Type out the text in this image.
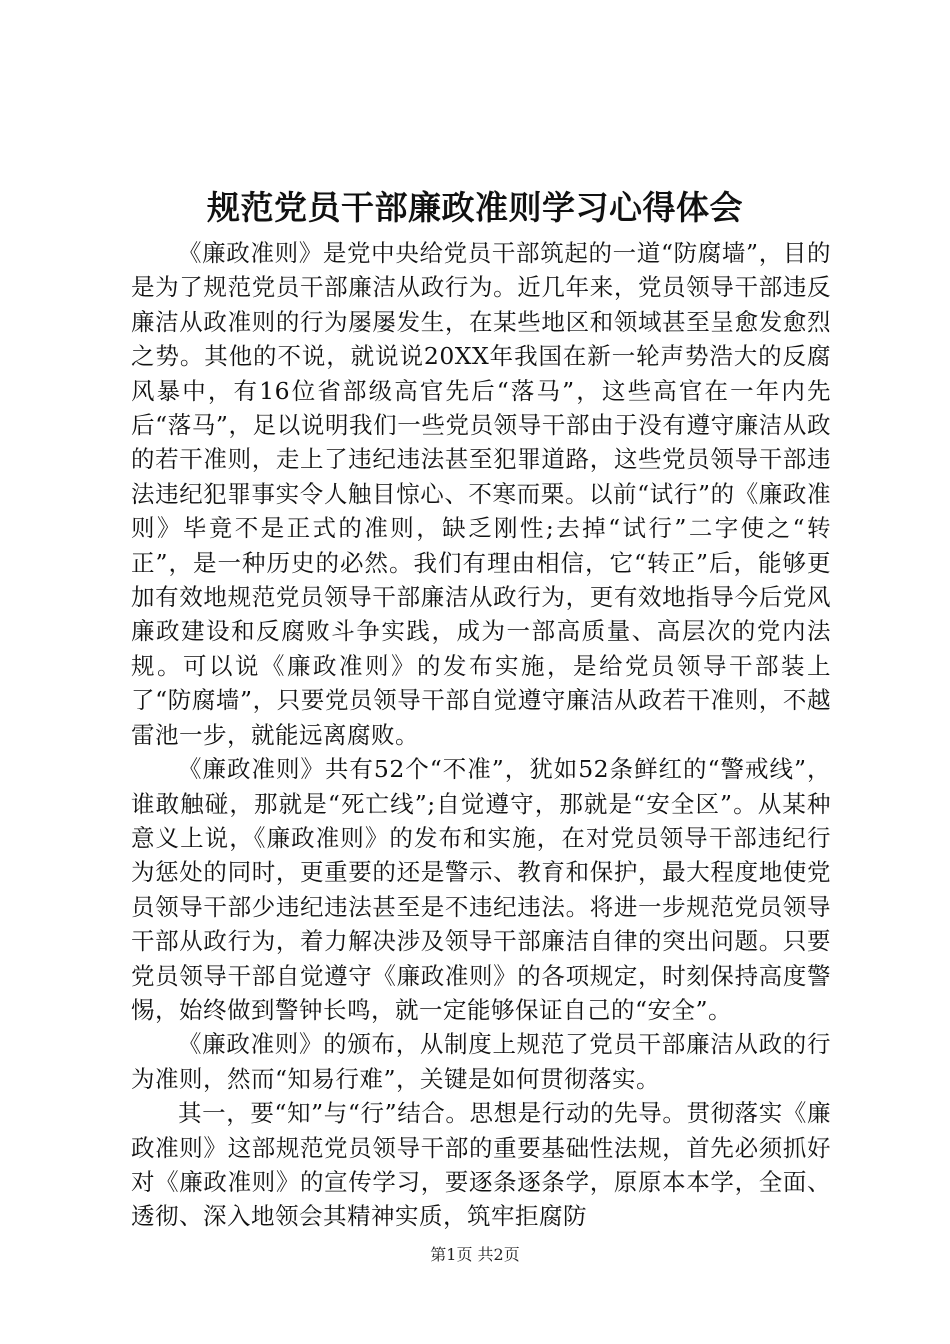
规范党员干部廉政准则学习心得体会

《廉政准则》是党中央给党员干部筑起的一道“防腐墙”，目的是为了规范党员干部廉洁从政行为。近几年来，党员领导干部违反廉洁从政准则的行为屡屡发生，在某些地区和领域甚至呈愈发愈烈之势。其他的不说，就说说20XX年我国在新一轮声势浩大的反腐风暴中，有16位省部级高官先后“落马”，这些高官在一年内先后“落马”，足以说明我们一些党员领导干部由于没有遵守廉洁从政的若干准则，走上了违纪违法甚至犯罪道路，这些党员领导干部违法违纪犯罪事实令人触目惊心、不寒而栗。以前“试行”的《廉政准则》毕竟不是正式的准则，缺乏刚性;去掉“试行”二字使之“转正”，是一种历史的必然。我们有理由相信，它“转正”后，能够更加有效地规范党员领导干部廉洁从政行为，更有效地指导今后党风廉政建设和反腐败斗争实践，成为一部高质量、高层次的党内法规。可以说《廉政准则》的发布实施，是给党员领导干部装上了“防腐墙”，只要党员领导干部自觉遵守廉洁从政若干准则，不越雷池一步，就能远离腐败。

《廉政准则》共有52个“不准”，犹如52条鲜红的“警戒线”，谁敢触碰，那就是“死亡线”;自觉遵守，那就是“安全区”。从某种意义上说，《廉政准则》的发布和实施，在对党员领导干部违纪行为惩处的同时，更重要的还是警示、教育和保护，最大程度地使党员领导干部少违纪违法甚至是不违纪违法。将进一步规范党员领导干部从政行为，着力解决涉及领导干部廉洁自律的突出问题。只要党员领导干部自觉遵守《廉政准则》的各项规定，时刻保持高度警惕，始终做到警钟长鸣，就一定能够保证自己的“安全”。

《廉政准则》的颁布，从制度上规范了党员干部廉洁从政的行为准则，然而“知易行难”，关键是如何贯彻落实。

其一，要“知”与“行”结合。思想是行动的先导。贯彻落实《廉政准则》这部规范党员领导干部的重要基础性法规，首先必须抓好对《廉政准则》的宣传学习，要逐条逐条学，原原本本学，全面、透彻、深入地领会其精神实质，筑牢拒腐防

第1页 共2页
